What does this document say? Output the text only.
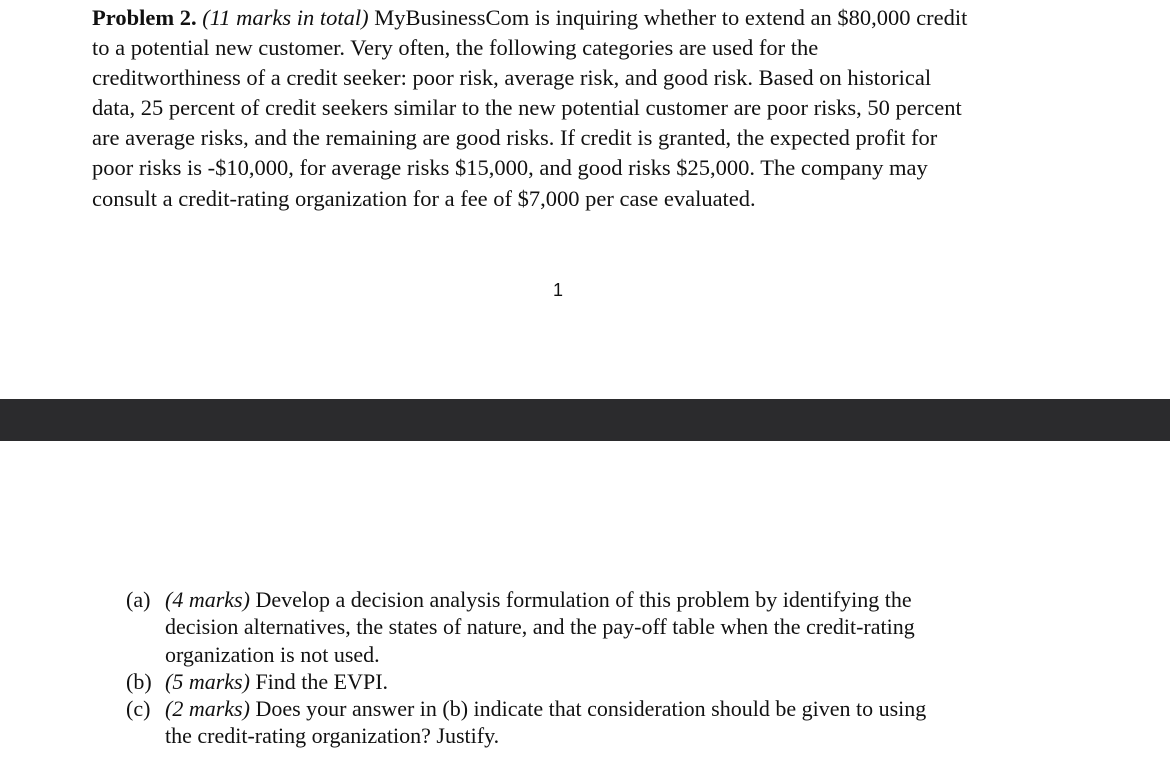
Problem 2. (11 marks in total) MyBusinessCom is inquiring whether to extend an $80,000 credit
to a potential new customer. Very often, the following categories are used for the
creditworthiness of a credit seeker: poor risk, average risk, and good risk. Based on historical
data, 25 percent of credit seekers similar to the new potential customer are poor risks, 50 percent
are average risks, and the remaining are good risks. If credit is granted, the expected profit for
poor risks is -$10,000, for average risks $15,000, and good risks $25,000. The company may
consult a credit-rating organization for a fee of $7,000 per case evaluated.

1
(a) (4 marks) Develop a decision analysis formulation of this problem by identifying the
decision alternatives, the states of nature, and the pay-off table when the credit-rating
organization is not used.
(b) (5 marks) Find the EVPI.
(c) (2 marks) Does your answer in (b) indicate that consideration should be given to using
the credit-rating organization? Justify.
